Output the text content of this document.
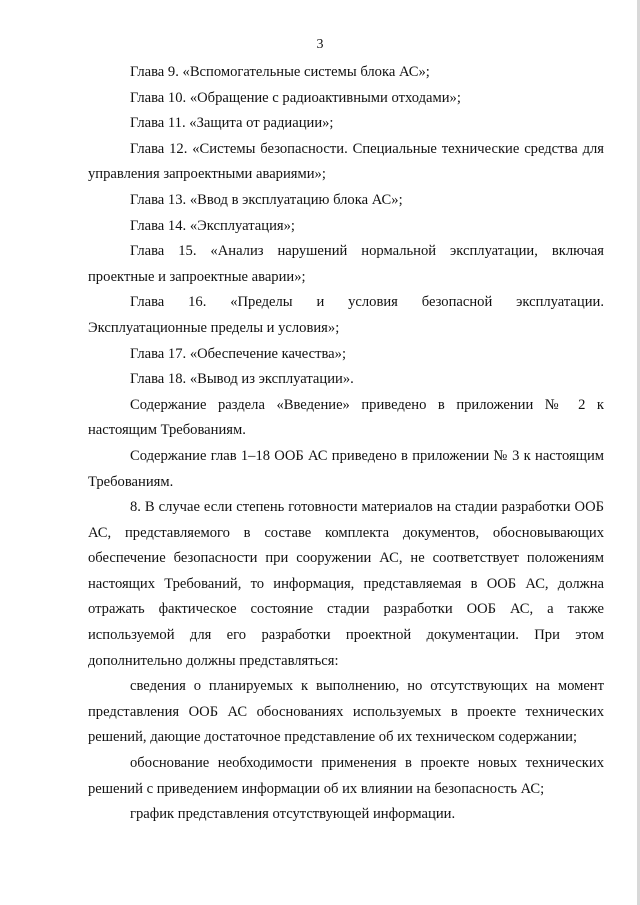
3

Глава 9. «Вспомогательные системы блока АС»;

Глава 10. «Обращение с радиоактивными отходами»;

Глава 11. «Защита от радиации»;

Глава 12. «Системы безопасности. Специальные технические средства для управления запроектными авариями»;

Глава 13. «Ввод в эксплуатацию блока АС»;

Глава 14. «Эксплуатация»;

Глава 15. «Анализ нарушений нормальной эксплуатации, включая проектные и запроектные аварии»;

Глава 16. «Пределы и условия безопасной эксплуатации. Эксплуатационные пределы и условия»;

Глава 17. «Обеспечение качества»;

Глава 18. «Вывод из эксплуатации».

Содержание раздела «Введение» приведено в приложении № 2 к настоящим Требованиям.

Содержание глав 1–18 ООБ АС приведено в приложении № 3 к настоящим Требованиям.

8. В случае если степень готовности материалов на стадии разработки ООБ АС, представляемого в составе комплекта документов, обосновывающих обеспечение безопасности при сооружении АС, не соответствует положениям настоящих Требований, то информация, представляемая в ООБ АС, должна отражать фактическое состояние стадии разработки ООБ АС, а также используемой для его разработки проектной документации. При этом дополнительно должны представляться:

сведения о планируемых к выполнению, но отсутствующих на момент представления ООБ АС обоснованиях используемых в проекте технических решений, дающие достаточное представление об их техническом содержании;

обоснование необходимости применения в проекте новых технических решений с приведением информации об их влиянии на безопасность АС;

график представления отсутствующей информации.
